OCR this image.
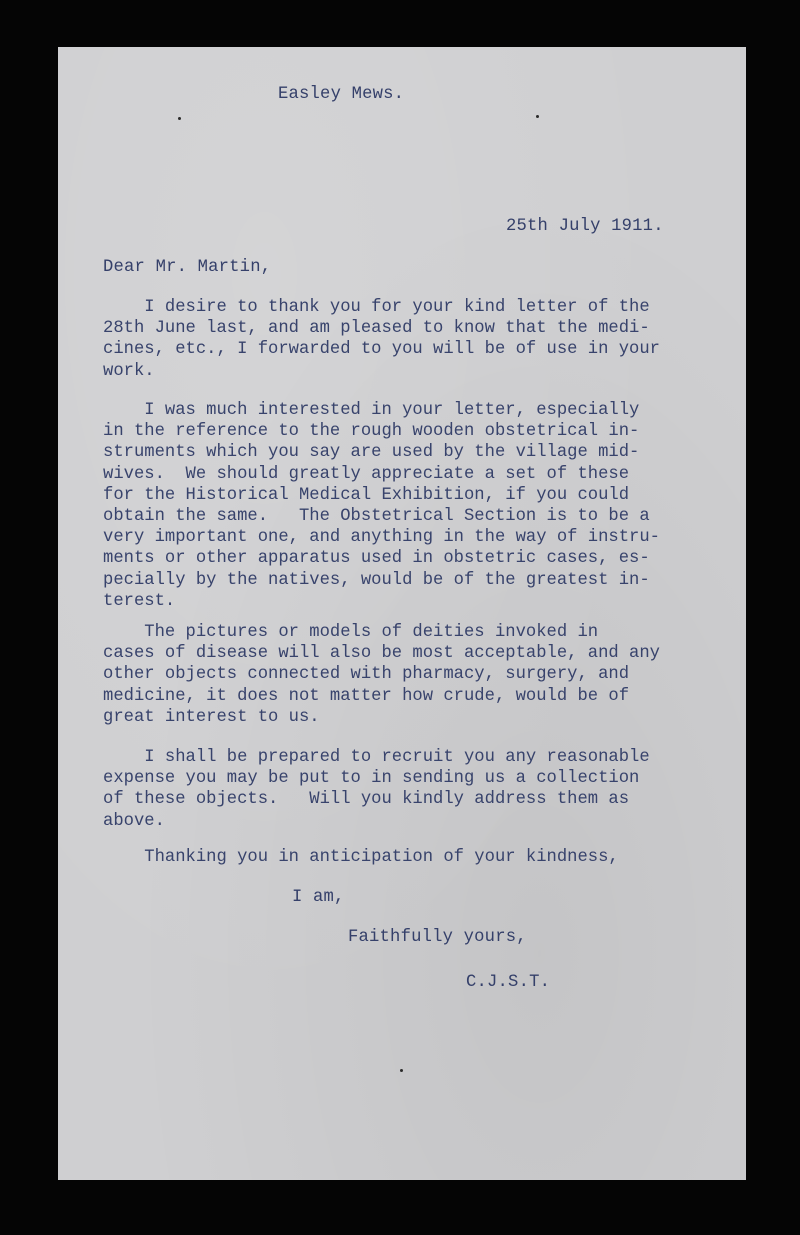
Easley Mews.
25th July 1911.
Dear Mr. Martin,
I desire to thank you for your kind letter of the
28th June last, and am pleased to know that the medi-
cines, etc., I forwarded to you will be of use in your
work.
I was much interested in your letter, especially
in the reference to the rough wooden obstetrical in-
struments which you say are used by the village mid-
wives.  We should greatly appreciate a set of these
for the Historical Medical Exhibition, if you could
obtain the same.   The Obstetrical Section is to be a
very important one, and anything in the way of instru-
ments or other apparatus used in obstetric cases, es-
pecially by the natives, would be of the greatest in-
terest.
The pictures or models of deities invoked in
cases of disease will also be most acceptable, and any
other objects connected with pharmacy, surgery, and
medicine, it does not matter how crude, would be of
great interest to us.
I shall be prepared to recruit you any reasonable
expense you may be put to in sending us a collection
of these objects.   Will you kindly address them as
above.
Thanking you in anticipation of your kindness,
I am,
Faithfully yours,
C.J.S.T.
